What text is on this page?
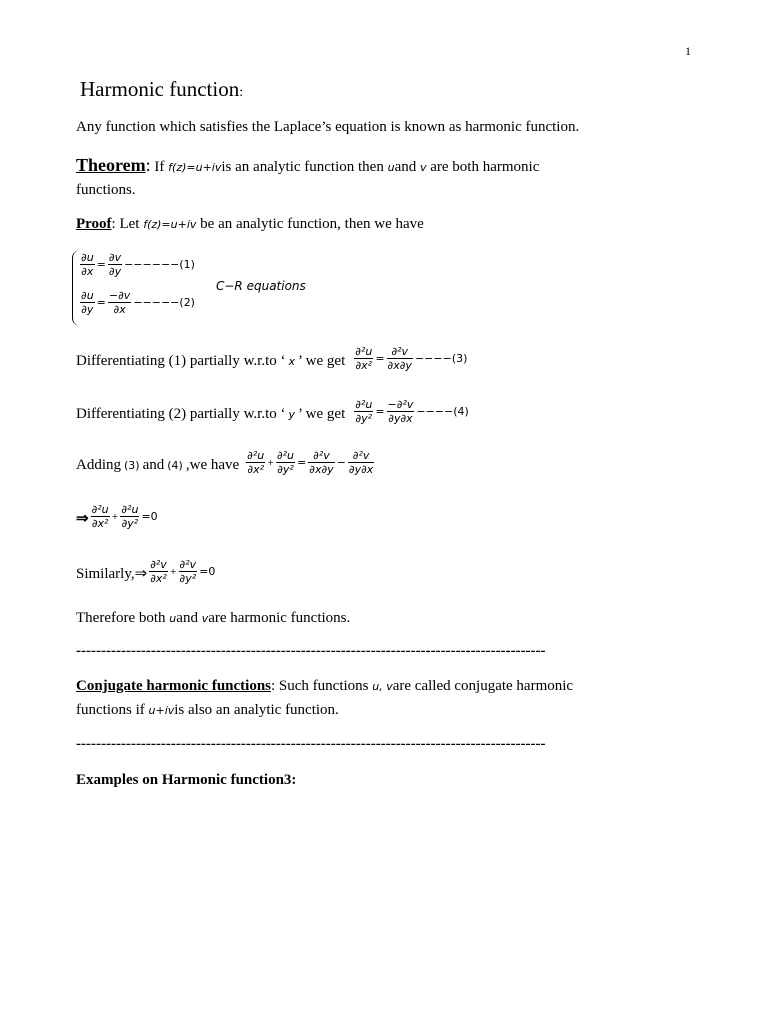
1
Harmonic function:
Any function which satisfies the Laplace’s equation is known as harmonic function.
Theorem: If f(z)=u+ivis an analytic function then uand v are both harmonic
functions.
Proof: Let f(z)=u+iv be an analytic function, then we have
$\frac{\partial u}{\partial x} = \frac{\partial v}{\partial y} ------(1)$
$\frac{\partial u}{\partial y} = \frac{-\partial v}{\partial x} -----(2)$
C−R equations
Differentiating (1) partially w.r.to ‘ x ’ we get $\frac{\text{∂²u}}{\text{∂x²}} = \frac{\text{∂²v}}{\partial x\partial y} ----(3)$
Differentiating (2) partially w.r.to ‘ y ’ we get $\frac{\text{∂²u}}{\text{∂y²}} = \frac{\text{−∂²v}}{\partial y\partial x} ----(4)$
Adding (3) and (4) ,we have $\frac{\text{∂²u}}{\text{∂x²}} + \frac{\text{∂²u}}{\text{∂y²}} = \frac{\text{∂²v}}{\partial x\partial y} - \frac{\text{∂²v}}{\partial y\partial x}$
⇒ $\frac{\text{∂²u}}{\text{∂x²}} + \frac{\text{∂²u}}{\text{∂y²}} =0$
Similarly,⇒ $\frac{\text{∂²v}}{\text{∂x²}} + \frac{\text{∂²v}}{\text{∂y²}} =0$
Therefore both uand vare harmonic functions.
----------------------------------------------------------------------------------------------
Conjugate harmonic functions: Such functions u, vare called conjugate harmonic
functions if u+ivis also an analytic function.
----------------------------------------------------------------------------------------------
Examples on Harmonic function3:
